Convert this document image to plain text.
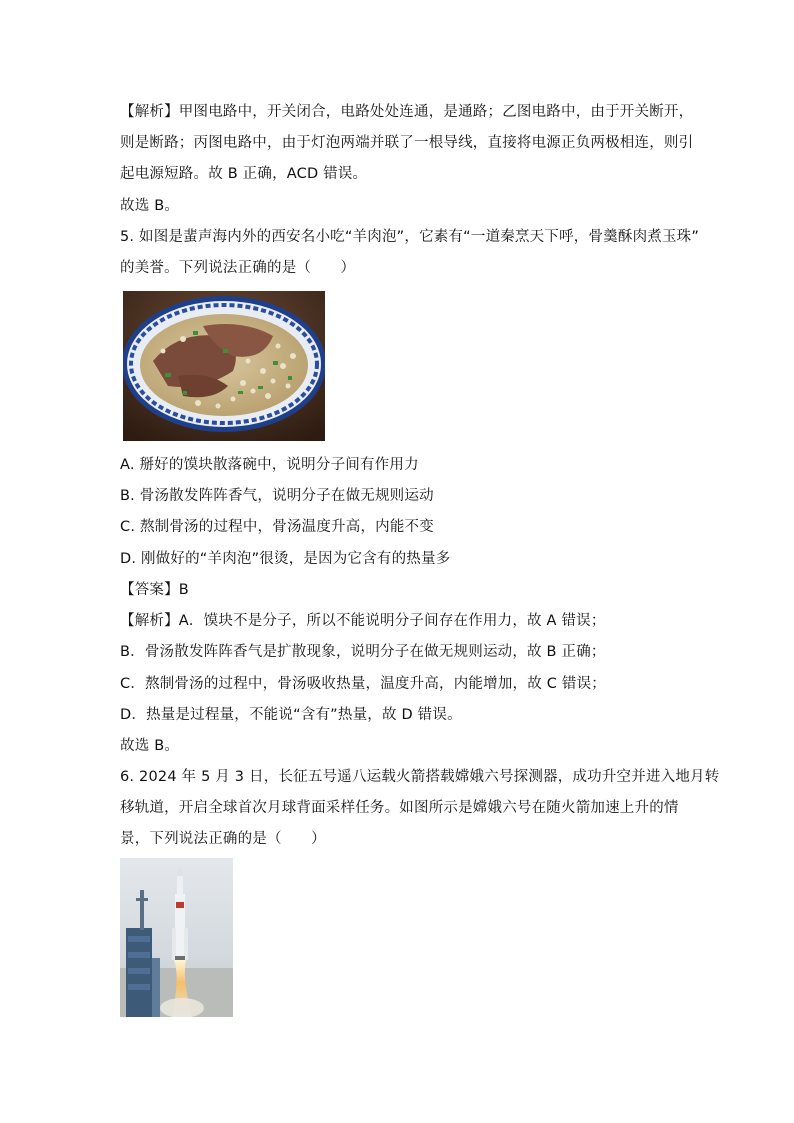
【解析】甲图电路中，开关闭合，电路处处连通，是通路；乙图电路中，由于开关断开，
则是断路；丙图电路中，由于灯泡两端并联了一根导线，直接将电源正负两极相连，则引
起电源短路。故 B 正确，ACD 错误。
故选 B。
5. 如图是蜚声海内外的西安名小吃“羊肉泡”，它素有“一道秦烹天下呼，骨羹酥肉煮玉珠”
的美誉。下列说法正确的是（　　）
A. 掰好的馍块散落碗中，说明分子间有作用力
B. 骨汤散发阵阵香气，说明分子在做无规则运动
C. 熬制骨汤的过程中，骨汤温度升高，内能不变
D. 刚做好的“羊肉泡”很烫，是因为它含有的热量多
【答案】B
【解析】A．馍块不是分子，所以不能说明分子间存在作用力，故 A 错误；
B．骨汤散发阵阵香气是扩散现象，说明分子在做无规则运动，故 B 正确；
C．熬制骨汤的过程中，骨汤吸收热量，温度升高，内能增加，故 C 错误；
D．热量是过程量，不能说“含有”热量，故 D 错误。
故选 B。
6. 2024 年 5 月 3 日，长征五号遥八运载火箭搭载嫦娥六号探测器，成功升空并进入地月转
移轨道，开启全球首次月球背面采样任务。如图所示是嫦娥六号在随火箭加速上升的情
景，下列说法正确的是（　　）
